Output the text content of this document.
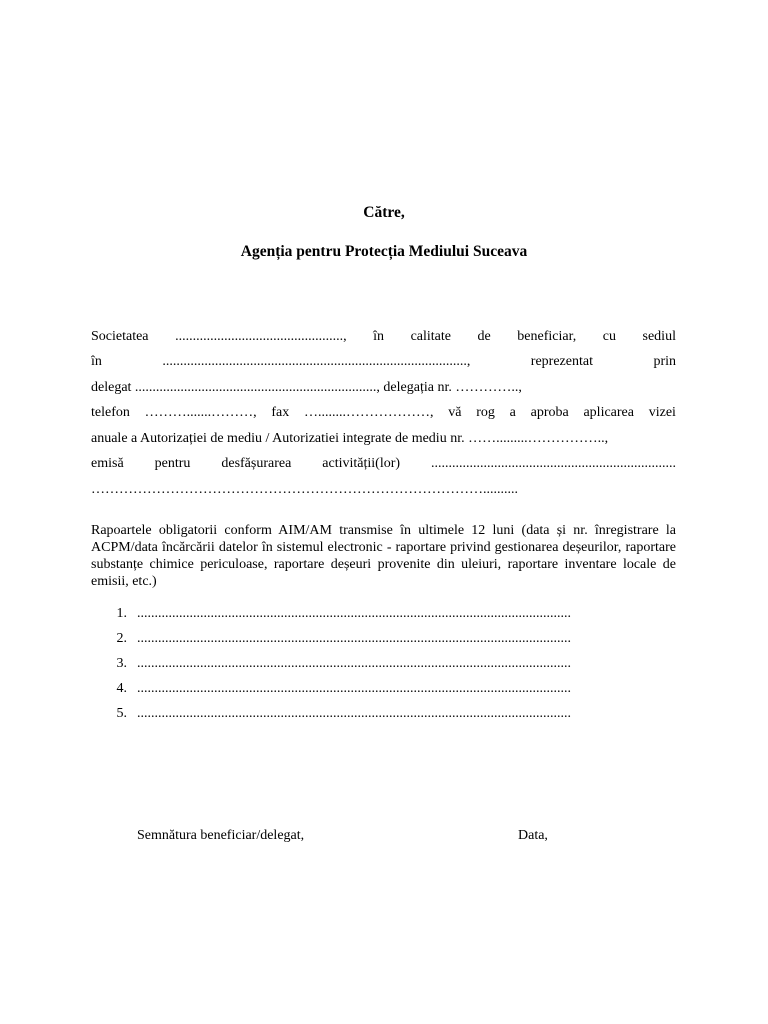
Către,
Agenția pentru Protecția Mediului Suceava
Societatea ................................................, în calitate de beneficiar, cu sediul
în	.......................................................................................,	reprezentat	prin
delegat ....................................................................., delegația nr. …………..,
telefon ……….......………, fax …........………………, vă rog a aproba aplicarea vizei
anuale a Autorizației de mediu / Autorizatiei integrate de mediu nr. …….........……………..,
emisă pentru desfășurarea activității(lor) ......................................................................
…………………………………………………………………………..........
Rapoartele obligatorii conform AIM/AM transmise în ultimele 12 luni (data și nr. înregistrare la ACPM/data încărcării datelor în sistemul electronic - raportare privind gestionarea deșeurilor, raportare substanțe chimice periculoase, raportare deșeuri provenite din uleiuri, raportare inventare locale de emisii, etc.)
1. ............................................................................................................................
2. ............................................................................................................................
3. ............................................................................................................................
4. ............................................................................................................................
5. ............................................................................................................................
Semnătura beneficiar/delegat,	Data,
